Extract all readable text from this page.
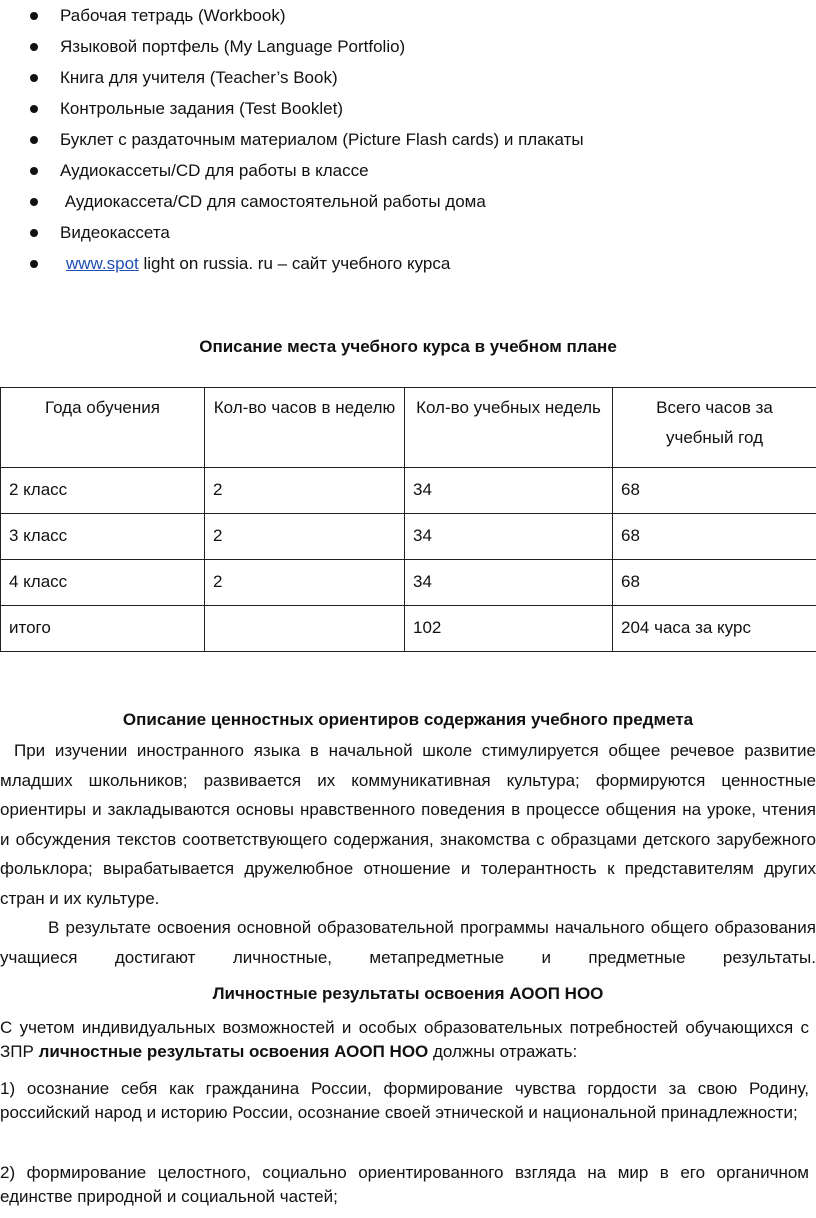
Рабочая тетрадь (Workbook)
Языковой портфель (My Language Portfolio)
Книга для учителя (Teacher’s Book)
Контрольные задания (Test Booklet)
Буклет с раздаточным материалом (Picture Flash cards) и плакаты
Аудиокассеты/CD для работы в классе
Аудиокассета/CD для самостоятельной работы дома
Видеокассета
www.spot light on russia. ru – сайт учебного курса
Описание места учебного курса в учебном плане
Года обучения	Кол-во часов в неделю	Кол-во учебных недель	Всего часов за учебный год
2 класс	2	34	68
3 класс	2	34	68
4 класс	2	34	68
итого		102	204 часа за курс
Описание ценностных ориентиров содержания учебного предмета

При изучении иностранного языка в начальной школе стимулируется общее речевое развитие младших школьников; развивается их коммуникативная культура; формируются ценностные ориентиры и закладываются основы нравственного поведения в процессе общения на уроке, чтения и обсуждения текстов соответствующего содержания, знакомства с образцами детского зарубежного фольклора; вырабатывается дружелюбное отношение и толерантность к представителям других стран и их культуре.

В результате освоения основной образовательной программы начального общего образования учащиеся достигают личностные, метапредметные и предметные результаты.

Личностные результаты освоения АООП НОО

С учетом индивидуальных возможностей и особых образовательных потребностей обучающихся с ЗПР личностные результаты освоения АООП НОО должны отражать:

1) осознание себя как гражданина России, формирование чувства гордости за свою Родину, российский народ и историю России, осознание своей этнической и национальной принадлежности;

2) формирование целостного, социально ориентированного взгляда на мир в его органичном единстве природной и социальной частей;
